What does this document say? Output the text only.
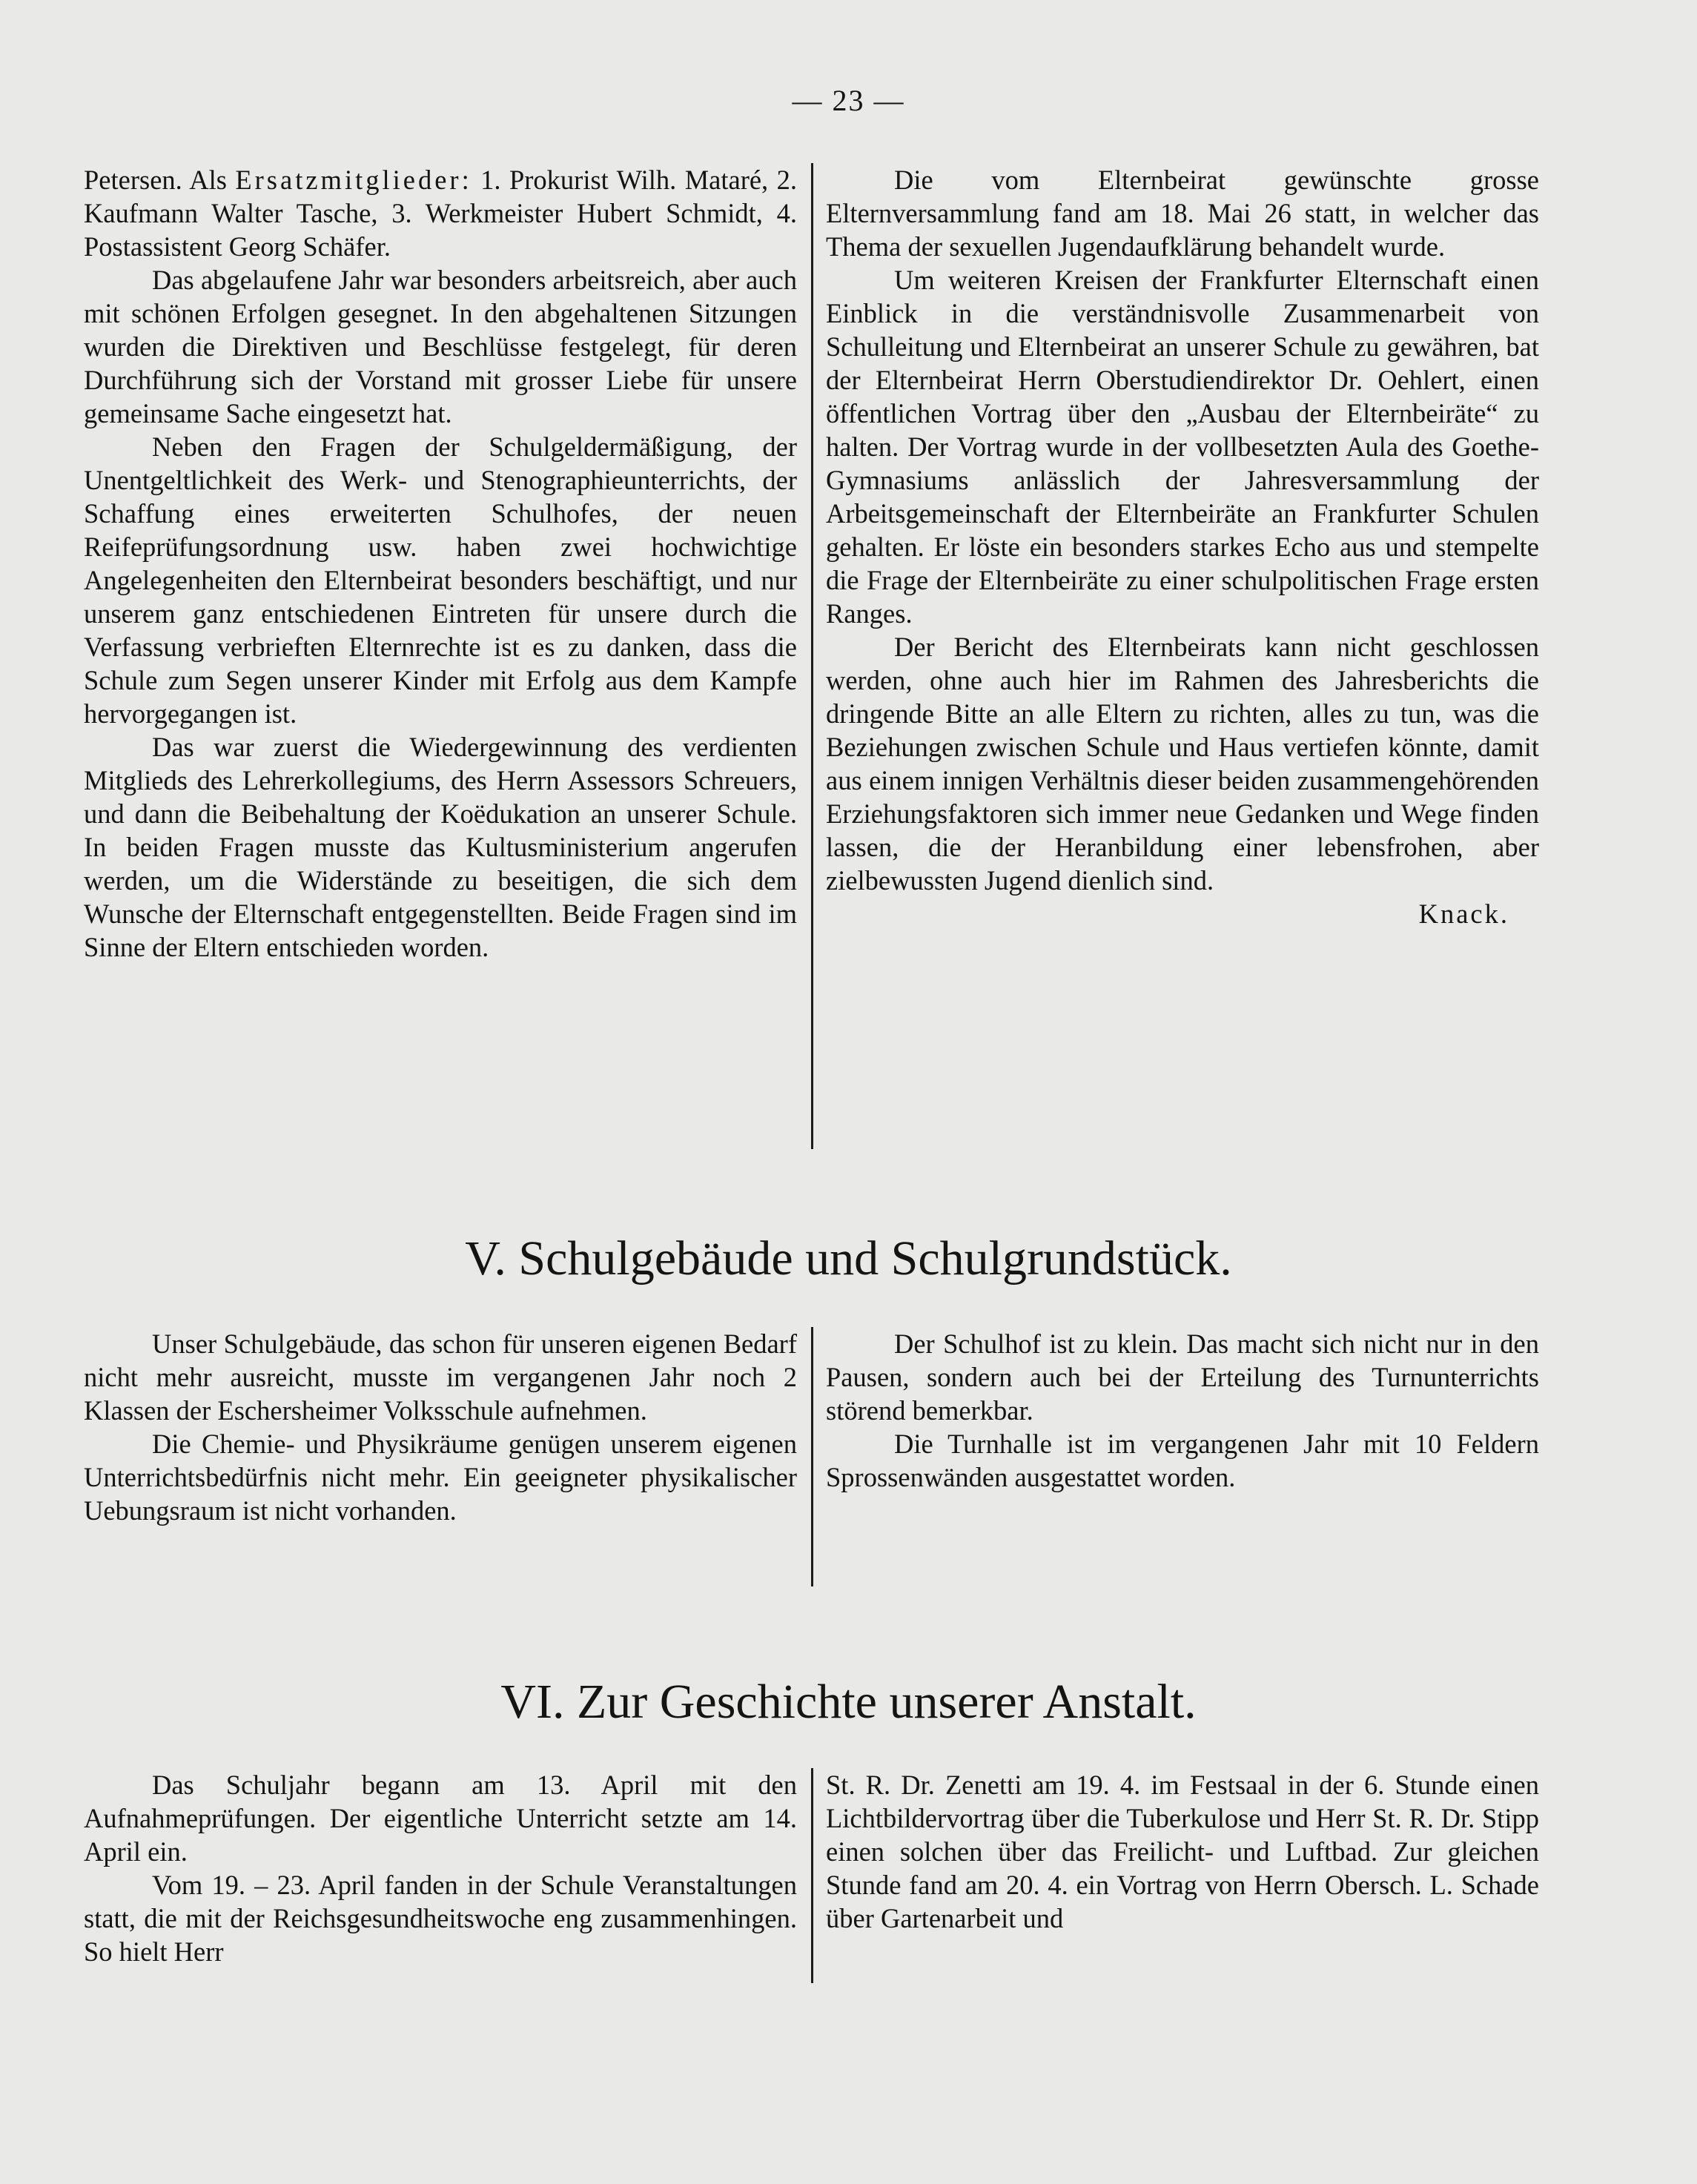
— 23 —

Petersen. Als Ersatzmitglieder: 1. Prokurist Wilh. Mataré, 2. Kaufmann Walter Tasche, 3. Werkmeister Hubert Schmidt, 4. Postassistent Georg Schäfer.

Das abgelaufene Jahr war besonders arbeitsreich, aber auch mit schönen Erfolgen gesegnet. In den abgehaltenen Sitzungen wurden die Direktiven und Beschlüsse festgelegt, für deren Durchführung sich der Vorstand mit grosser Liebe für unsere gemeinsame Sache eingesetzt hat.

Neben den Fragen der Schulgeldermäßigung, der Unentgeltlichkeit des Werk- und Stenographieunterrichts, der Schaffung eines erweiterten Schulhofes, der neuen Reifeprüfungsordnung usw. haben zwei hochwichtige Angelegenheiten den Elternbeirat besonders beschäftigt, und nur unserem ganz entschiedenen Eintreten für unsere durch die Verfassung verbrieften Elternrechte ist es zu danken, dass die Schule zum Segen unserer Kinder mit Erfolg aus dem Kampfe hervorgegangen ist.

Das war zuerst die Wiedergewinnung des verdienten Mitglieds des Lehrerkollegiums, des Herrn Assessors Schreuers, und dann die Beibehaltung der Koëdukation an unserer Schule. In beiden Fragen musste das Kultusministerium angerufen werden, um die Widerstände zu beseitigen, die sich dem Wunsche der Elternschaft entgegenstellten. Beide Fragen sind im Sinne der Eltern entschieden worden.

Die vom Elternbeirat gewünschte grosse Elternversammlung fand am 18. Mai 26 statt, in welcher das Thema der sexuellen Jugendaufklärung behandelt wurde.

Um weiteren Kreisen der Frankfurter Elternschaft einen Einblick in die verständnisvolle Zusammenarbeit von Schulleitung und Elternbeirat an unserer Schule zu gewähren, bat der Elternbeirat Herrn Oberstudiendirektor Dr. Oehlert, einen öffentlichen Vortrag über den „Ausbau der Elternbeiräte“ zu halten. Der Vortrag wurde in der vollbesetzten Aula des Goethe-Gymnasiums anlässlich der Jahresversammlung der Arbeitsgemeinschaft der Elternbeiräte an Frankfurter Schulen gehalten. Er löste ein besonders starkes Echo aus und stempelte die Frage der Elternbeiräte zu einer schulpolitischen Frage ersten Ranges.

Der Bericht des Elternbeirats kann nicht geschlossen werden, ohne auch hier im Rahmen des Jahresberichts die dringende Bitte an alle Eltern zu richten, alles zu tun, was die Beziehungen zwischen Schule und Haus vertiefen könnte, damit aus einem innigen Verhältnis dieser beiden zusammengehörenden Erziehungsfaktoren sich immer neue Gedanken und Wege finden lassen, die der Heranbildung einer lebensfrohen, aber zielbewussten Jugend dienlich sind.

Knack.

V. Schulgebäude und Schulgrundstück.

Unser Schulgebäude, das schon für unseren eigenen Bedarf nicht mehr ausreicht, musste im vergangenen Jahr noch 2 Klassen der Eschersheimer Volksschule aufnehmen.

Die Chemie- und Physikräume genügen unserem eigenen Unterrichtsbedürfnis nicht mehr. Ein geeigneter physikalischer Uebungsraum ist nicht vorhanden.

Der Schulhof ist zu klein. Das macht sich nicht nur in den Pausen, sondern auch bei der Erteilung des Turnunterrichts störend bemerkbar.

Die Turnhalle ist im vergangenen Jahr mit 10 Feldern Sprossenwänden ausgestattet worden.

VI. Zur Geschichte unserer Anstalt.

Das Schuljahr begann am 13. April mit den Aufnahmeprüfungen. Der eigentliche Unterricht setzte am 14. April ein.

Vom 19. – 23. April fanden in der Schule Veranstaltungen statt, die mit der Reichsgesundheitswoche eng zusammenhingen. So hielt Herr

St. R. Dr. Zenetti am 19. 4. im Festsaal in der 6. Stunde einen Lichtbildervortrag über die Tuberkulose und Herr St. R. Dr. Stipp einen solchen über das Freilicht- und Luftbad. Zur gleichen Stunde fand am 20. 4. ein Vortrag von Herrn Obersch. L. Schade über Gartenarbeit und
